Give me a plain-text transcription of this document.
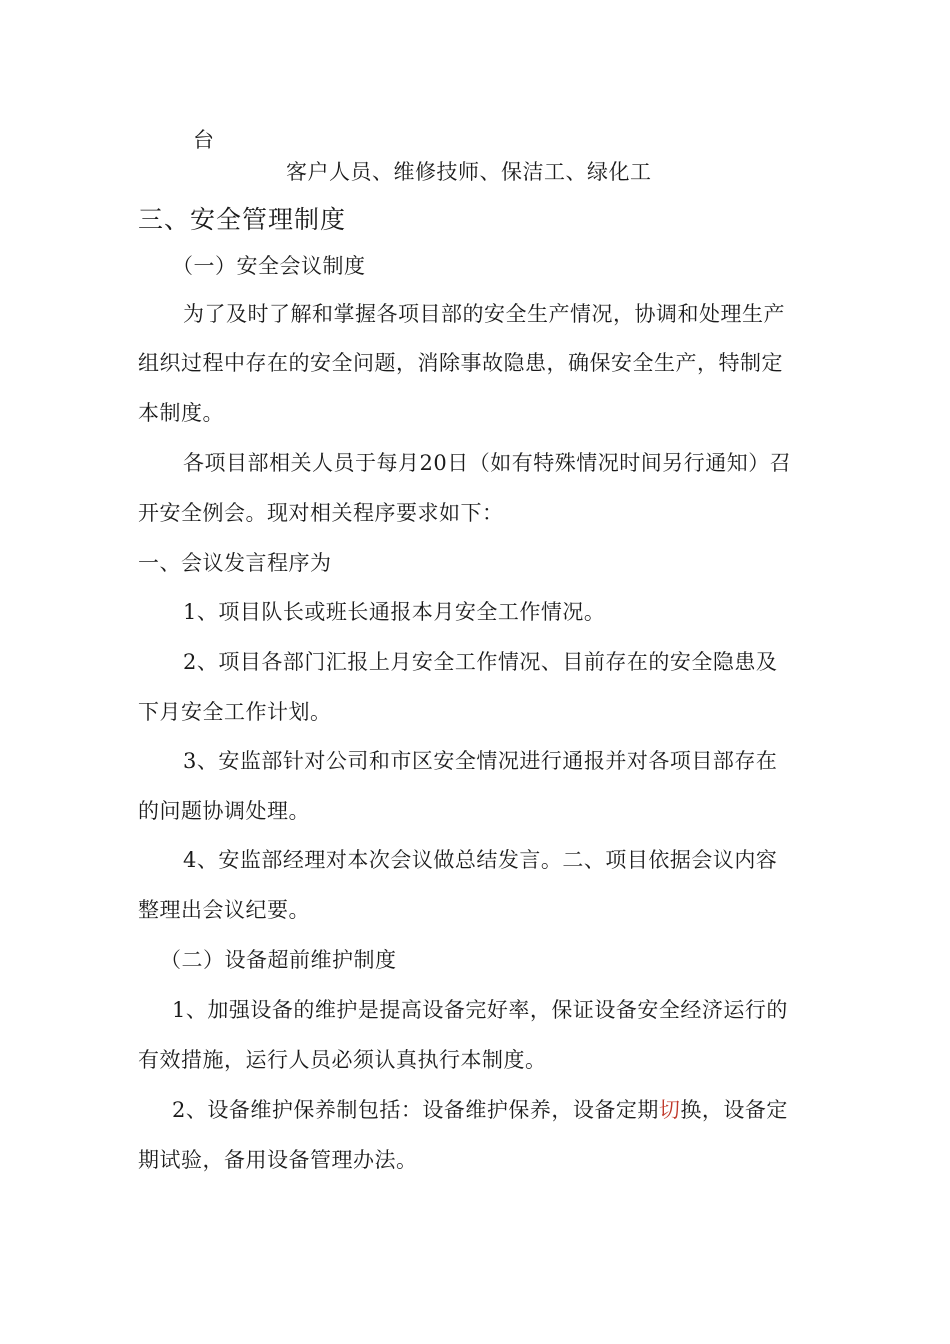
台
客户人员、维修技师、保洁工、绿化工
三、安全管理制度
（一）安全会议制度
为了及时了解和掌握各项目部的安全生产情况，协调和处理生产
组织过程中存在的安全问题，消除事故隐患，确保安全生产，特制定
本制度。
各项目部相关人员于每月20日（如有特殊情况时间另行通知）召
开安全例会。现对相关程序要求如下：
一、会议发言程序为
1、项目队长或班长通报本月安全工作情况。
2、项目各部门汇报上月安全工作情况、目前存在的安全隐患及
下月安全工作计划。
3、安监部针对公司和市区安全情况进行通报并对各项目部存在
的问题协调处理。
4、安监部经理对本次会议做总结发言。二、项目依据会议内容
整理出会议纪要。
（二）设备超前维护制度
1、加强设备的维护是提高设备完好率，保证设备安全经济运行的
有效措施，运行人员必须认真执行本制度。
2、设备维护保养制包括：设备维护保养，设备定期切换，设备定
期试验，备用设备管理办法。
